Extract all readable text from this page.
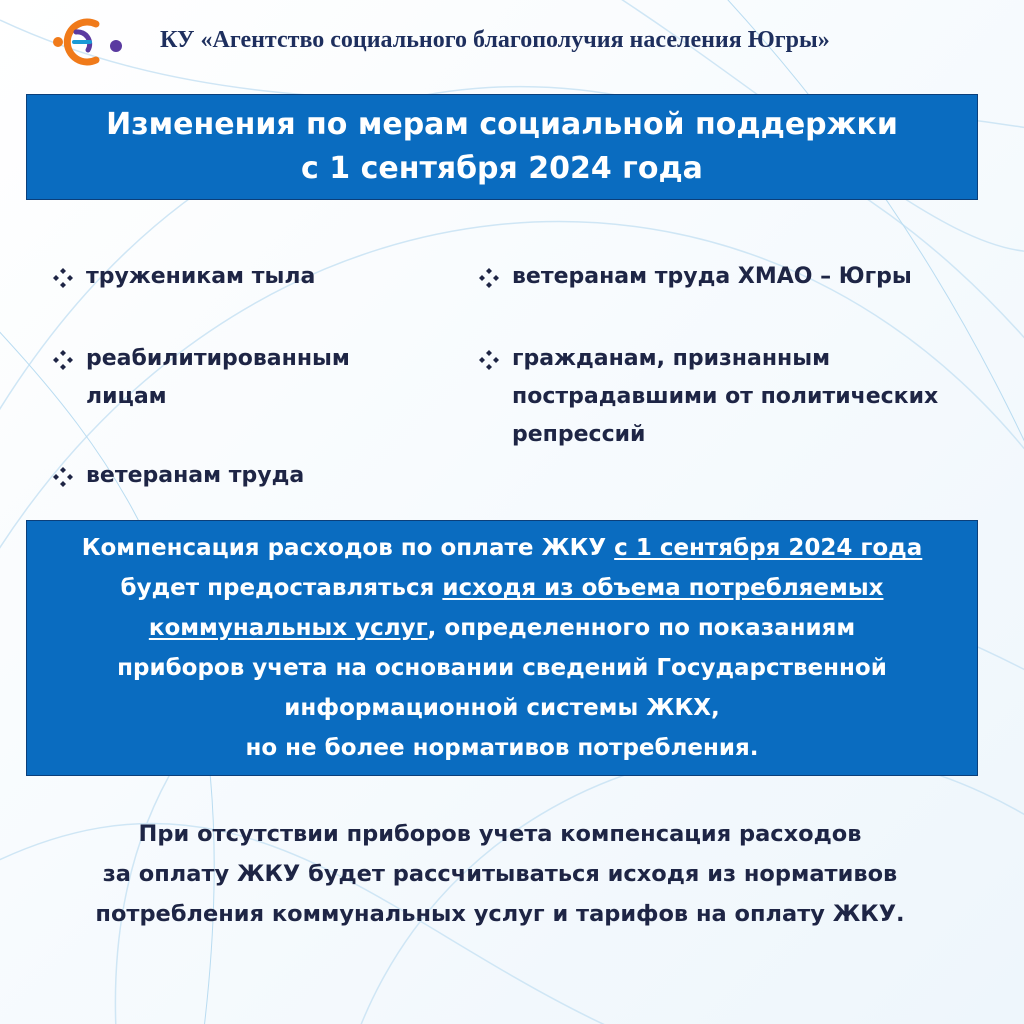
КУ «Агентство социального благополучия населения Югры»
Изменения по мерам социальной поддержки
с 1 сентября 2024 года
труженикам тыла
реабилитированным
лицам
ветеранам труда
ветеранам труда ХМАО – Югры
гражданам, признанным
пострадавшими от политических
репрессий
Компенсация расходов по оплате ЖКУ с 1 сентября 2024 года
будет предоставляться исходя из объема потребляемых
коммунальных услуг, определенного по показаниям
приборов учета на основании сведений Государственной
информационной системы ЖКХ,
но не более нормативов потребления.
При отсутствии приборов учета компенсация расходов
за оплату ЖКУ будет рассчитываться исходя из нормативов
потребления коммунальных услуг и тарифов на оплату ЖКУ.
